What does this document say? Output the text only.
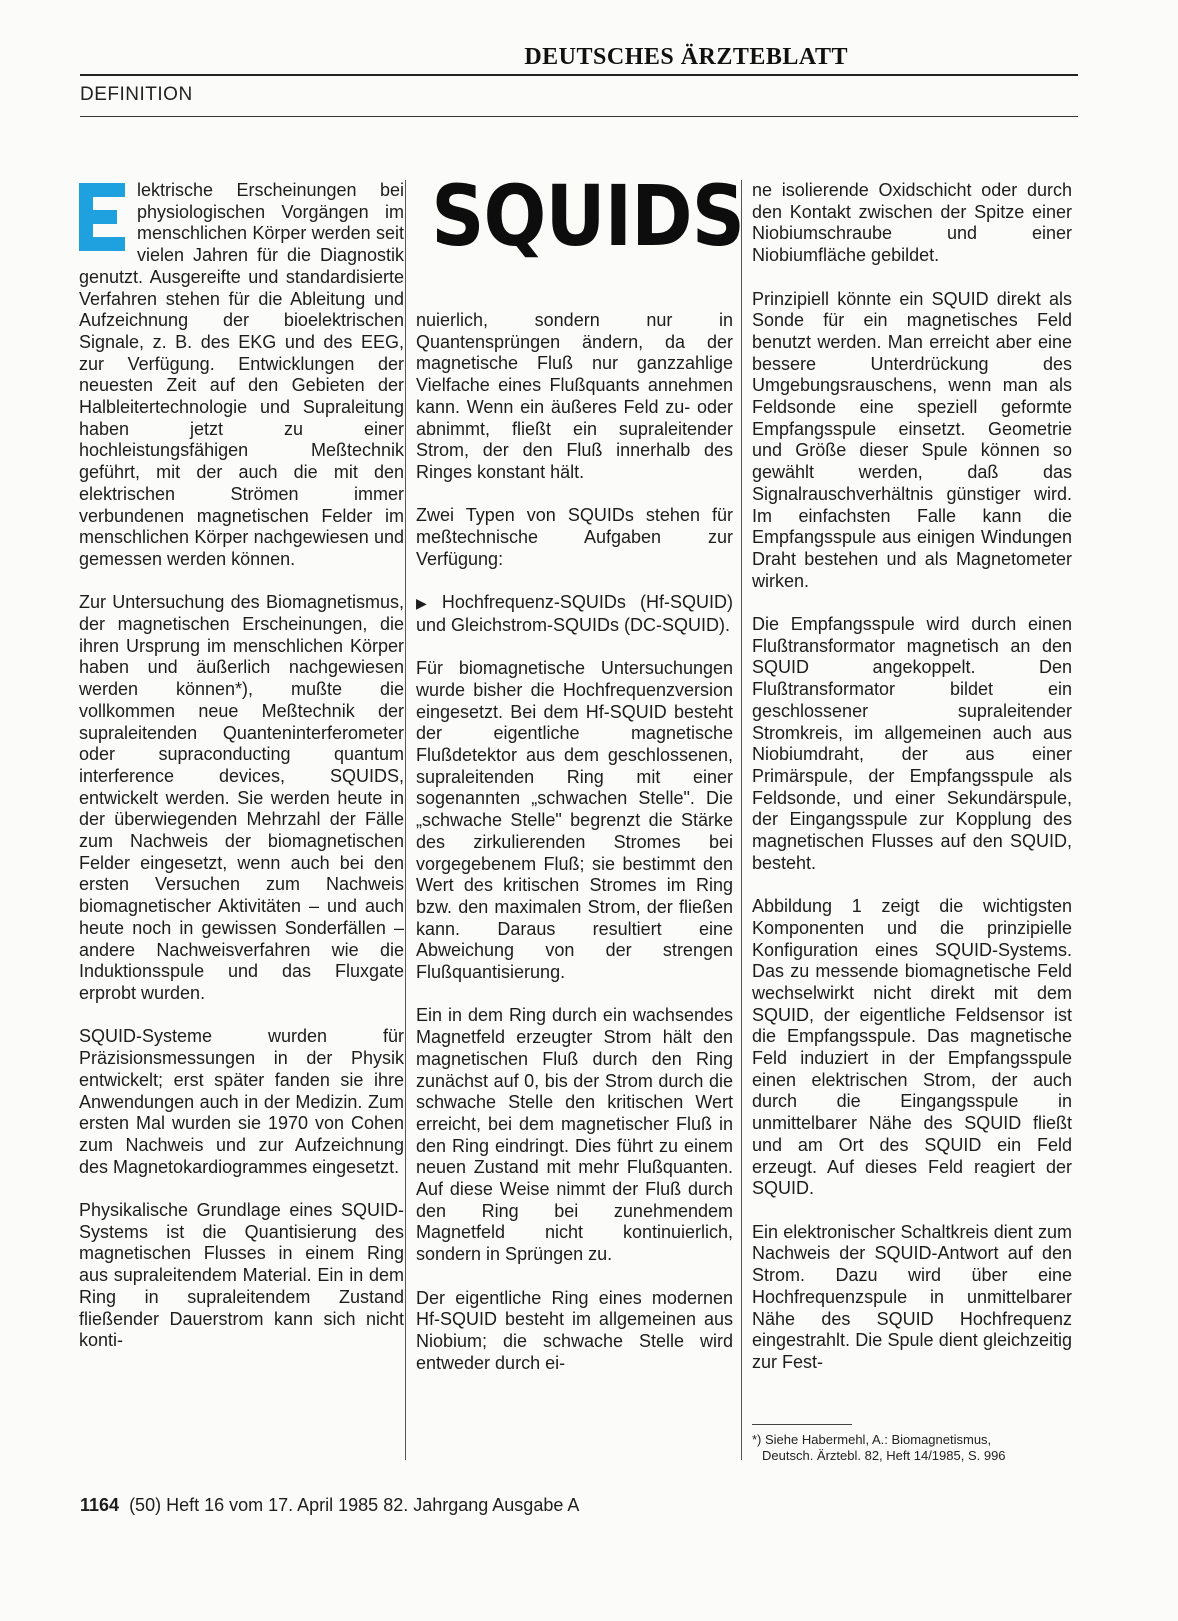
DEUTSCHES ÄRZTEBLATT
DEFINITION
SQUIDS

lektrische Erscheinungen bei physiologischen Vorgängen im menschlichen Körper werden seit vielen Jahren für die Diagnostik genutzt. Ausgereifte und standardisierte Verfahren stehen für die Ableitung und Aufzeichnung der bioelektrischen Signale, z. B. des EKG und des EEG, zur Verfügung. Entwicklungen der neuesten Zeit auf den Gebieten der Halbleitertechnologie und Supraleitung haben jetzt zu einer hochleistungsfähigen Meßtechnik geführt, mit der auch die mit den elektrischen Strömen immer verbundenen magnetischen Felder im menschlichen Körper nachgewiesen und gemessen werden können.

Zur Untersuchung des Biomagnetismus, der magnetischen Erscheinungen, die ihren Ursprung im menschlichen Körper haben und äußerlich nachgewiesen werden können*), mußte die vollkommen neue Meßtechnik der supraleitenden Quanteninterferometer oder supraconducting quantum interference devices, SQUIDS, entwickelt werden. Sie werden heute in der überwiegenden Mehrzahl der Fälle zum Nachweis der biomagnetischen Felder eingesetzt, wenn auch bei den ersten Versuchen zum Nachweis biomagnetischer Aktivitäten – und auch heute noch in gewissen Sonderfällen – andere Nachweisverfahren wie die Induktionsspule und das Fluxgate erprobt wurden.

SQUID-Systeme wurden für Präzisionsmessungen in der Physik entwickelt; erst später fanden sie ihre Anwendungen auch in der Medizin. Zum ersten Mal wurden sie 1970 von Cohen zum Nachweis und zur Aufzeichnung des Magnetokardiogrammes eingesetzt.

Physikalische Grundlage eines SQUID-Systems ist die Quantisierung des magnetischen Flusses in einem Ring aus supraleitendem Material. Ein in dem Ring in supraleitendem Zustand fließender Dauerstrom kann sich nicht konti-

nuierlich, sondern nur in Quantensprüngen ändern, da der magnetische Fluß nur ganzzahlige Vielfache eines Flußquants annehmen kann. Wenn ein äußeres Feld zu- oder abnimmt, fließt ein supraleitender Strom, der den Fluß innerhalb des Ringes konstant hält.

Zwei Typen von SQUIDs stehen für meßtechnische Aufgaben zur Verfügung:

▶ Hochfrequenz-SQUIDs (Hf-SQUID) und Gleichstrom-SQUIDs (DC-SQUID).

Für biomagnetische Untersuchungen wurde bisher die Hochfrequenzversion eingesetzt. Bei dem Hf-SQUID besteht der eigentliche magnetische Flußdetektor aus dem geschlossenen, supraleitenden Ring mit einer sogenannten „schwachen Stelle". Die „schwache Stelle" begrenzt die Stärke des zirkulierenden Stromes bei vorgegebenem Fluß; sie bestimmt den Wert des kritischen Stromes im Ring bzw. den maximalen Strom, der fließen kann. Daraus resultiert eine Abweichung von der strengen Flußquantisierung.

Ein in dem Ring durch ein wachsendes Magnetfeld erzeugter Strom hält den magnetischen Fluß durch den Ring zunächst auf 0, bis der Strom durch die schwache Stelle den kritischen Wert erreicht, bei dem magnetischer Fluß in den Ring eindringt. Dies führt zu einem neuen Zustand mit mehr Flußquanten. Auf diese Weise nimmt der Fluß durch den Ring bei zunehmendem Magnetfeld nicht kontinuierlich, sondern in Sprüngen zu.

Der eigentliche Ring eines modernen Hf-SQUID besteht im allgemeinen aus Niobium; die schwache Stelle wird entweder durch ei-

ne isolierende Oxidschicht oder durch den Kontakt zwischen der Spitze einer Niobiumschraube und einer Niobiumfläche gebildet.

Prinzipiell könnte ein SQUID direkt als Sonde für ein magnetisches Feld benutzt werden. Man erreicht aber eine bessere Unterdrückung des Umgebungsrauschens, wenn man als Feldsonde eine speziell geformte Empfangsspule einsetzt. Geometrie und Größe dieser Spule können so gewählt werden, daß das Signalrauschverhältnis günstiger wird. Im einfachsten Falle kann die Empfangsspule aus einigen Windungen Draht bestehen und als Magnetometer wirken.

Die Empfangsspule wird durch einen Flußtransformator magnetisch an den SQUID angekoppelt. Den Flußtransformator bildet ein geschlossener supraleitender Stromkreis, im allgemeinen auch aus Niobiumdraht, der aus einer Primärspule, der Empfangsspule als Feldsonde, und einer Sekundärspule, der Eingangsspule zur Kopplung des magnetischen Flusses auf den SQUID, besteht.

Abbildung 1 zeigt die wichtigsten Komponenten und die prinzipielle Konfiguration eines SQUID-Systems. Das zu messende biomagnetische Feld wechselwirkt nicht direkt mit dem SQUID, der eigentliche Feldsensor ist die Empfangsspule. Das magnetische Feld induziert in der Empfangsspule einen elektrischen Strom, der auch durch die Eingangsspule in unmittelbarer Nähe des SQUID fließt und am Ort des SQUID ein Feld erzeugt. Auf dieses Feld reagiert der SQUID.

Ein elektronischer Schaltkreis dient zum Nachweis der SQUID-Antwort auf den Strom. Dazu wird über eine Hochfrequenzspule in unmittelbarer Nähe des SQUID Hochfrequenz eingestrahlt. Die Spule dient gleichzeitig zur Fest-

*) Siehe Habermehl, A.: Biomagnetismus,
Deutsch. Ärztebl. 82, Heft 14/1985, S. 996
1164 (50) Heft 16 vom 17. April 1985 82. Jahrgang Ausgabe A
